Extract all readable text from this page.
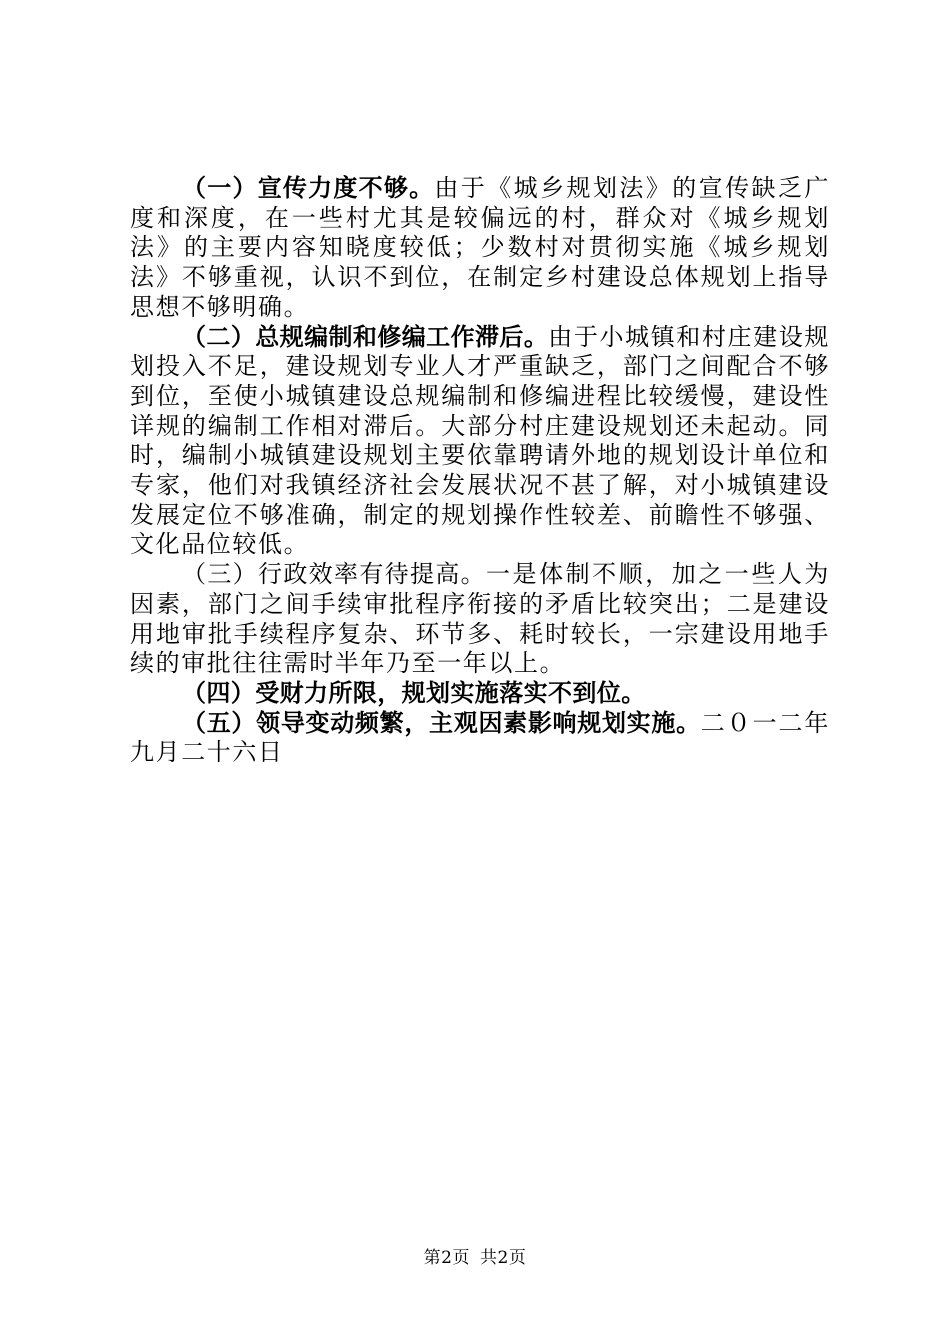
（一）宣传力度不够。由于《城乡规划法》的宣传缺乏广度和深度，在一些村尤其是较偏远的村，群众对《城乡规划法》的主要内容知晓度较低；少数村对贯彻实施《城乡规划法》不够重视，认识不到位，在制定乡村建设总体规划上指导思想不够明确。

（二）总规编制和修编工作滞后。由于小城镇和村庄建设规划投入不足，建设规划专业人才严重缺乏，部门之间配合不够到位，至使小城镇建设总规编制和修编进程比较缓慢，建设性详规的编制工作相对滞后。大部分村庄建设规划还未起动。同时，编制小城镇建设规划主要依靠聘请外地的规划设计单位和专家，他们对我镇经济社会发展状况不甚了解，对小城镇建设发展定位不够准确，制定的规划操作性较差、前瞻性不够强、文化品位较低。

（三）行政效率有待提高。一是体制不顺，加之一些人为因素，部门之间手续审批程序衔接的矛盾比较突出；二是建设用地审批手续程序复杂、环节多、耗时较长，一宗建设用地手续的审批往往需时半年乃至一年以上。

（四）受财力所限，规划实施落实不到位。

（五）领导变动频繁，主观因素影响规划实施。二０一二年九月二十六日

第2页 共2页
